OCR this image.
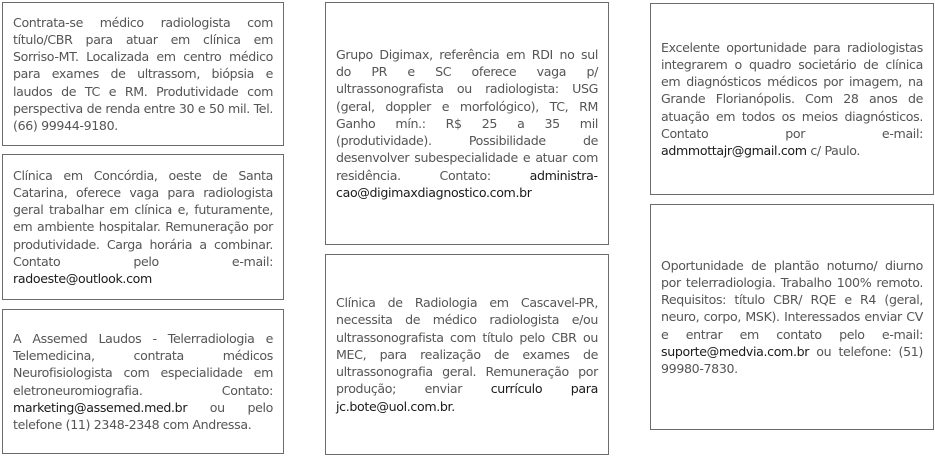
Contrata-se médico radiologista com título/CBR para atuar em clínica em Sorriso-MT. Localizada em centro médico para exames de ultrassom, biópsia e laudos de TC e RM. Produtividade com perspectiva de renda entre 30 e 50 mil. Tel. (66) 99944-9180.
Clínica em Concórdia, oeste de Santa Catarina, oferece vaga para radiologista geral trabalhar em clínica e, futuramente, em ambiente hospitalar. Remuneração por produtividade. Carga horária a combinar. Contato pelo e-mail: radoeste@outlook.com
A Assemed Laudos - Telerradiologia e Telemedicina, contrata médicos Neurofisiologista com especialidade em eletroneuromiografia. Contato: marketing@assemed.med.br ou pelo telefone (11) 2348-2348 com Andressa.
Grupo Digimax, referência em RDI no sul do PR e SC oferece vaga p/ ultrassonografista ou radiologista: USG (geral, doppler e morfológico), TC, RM Ganho mín.: R$ 25 a 35 mil (produtividade). Possibilidade de desenvolver subespecialidade e atuar com residência. Contato: administracao@digimaxdiagnostico.com.br
Clínica de Radiologia em Cascavel-PR, necessita de médico radiologista e/ou ultrassonografista com título pelo CBR ou MEC, para realização de exames de ultrassonografia geral. Remuneração por produção; enviar currículo para jc.bote@uol.com.br.
Excelente oportunidade para radiologistas integrarem o quadro societário de clínica em diagnósticos médicos por imagem, na Grande Florianópolis. Com 28 anos de atuação em todos os meios diagnósticos. Contato por e-mail: admmottajr@gmail.com c/ Paulo.
Oportunidade de plantão noturno/ diurno por telerradiologia. Trabalho 100% remoto. Requisitos: título CBR/ RQE e R4 (geral, neuro, corpo, MSK). Interessados enviar CV e entrar em contato pelo e-mail: suporte@medvia.com.br ou telefone: (51) 99980-7830.
